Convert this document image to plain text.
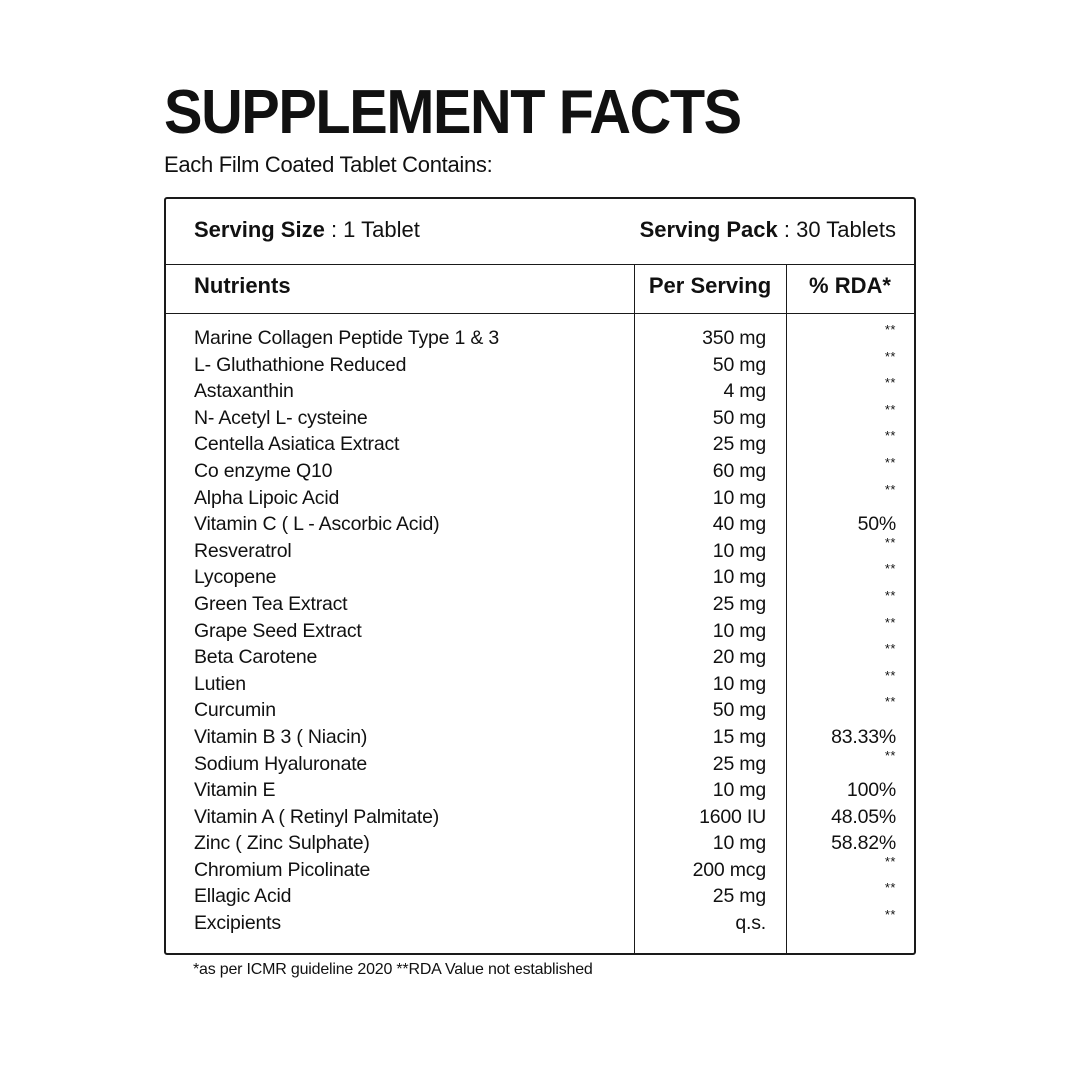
SUPPLEMENT FACTS
Each Film Coated Tablet Contains:
Serving Size : 1 Tablet	Serving Pack : 30 Tablets
Nutrients	Per Serving	% RDA*
Marine Collagen Peptide Type 1 & 3	350 mg	**
L- Gluthathione Reduced	50 mg	**
Astaxanthin	4 mg	**
N- Acetyl L- cysteine	50 mg	**
Centella Asiatica Extract	25 mg	**
Co enzyme Q10	60 mg	**
Alpha Lipoic Acid	10 mg	**
Vitamin C ( L - Ascorbic Acid)	40 mg	50%
Resveratrol	10 mg	**
Lycopene	10 mg	**
Green Tea Extract	25 mg	**
Grape Seed Extract	10 mg	**
Beta Carotene	20 mg	**
Lutien	10 mg	**
Curcumin	50 mg	**
Vitamin B 3 ( Niacin)	15 mg	83.33%
Sodium Hyaluronate	25 mg	**
Vitamin E	10 mg	100%
Vitamin A ( Retinyl Palmitate)	1600 IU	48.05%
Zinc ( Zinc Sulphate)	10 mg	58.82%
Chromium Picolinate	200 mcg	**
Ellagic Acid	25 mg	**
Excipients	q.s.	**
*as per ICMR guideline 2020 **RDA Value not established
